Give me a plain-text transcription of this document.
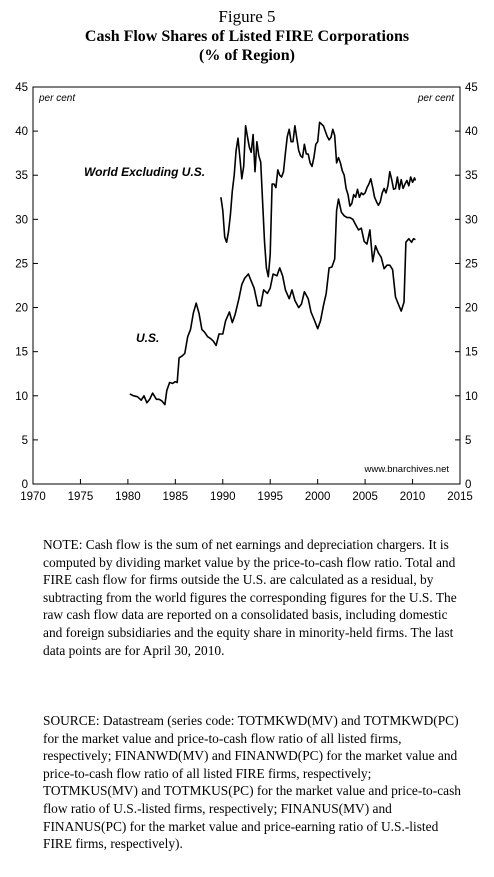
Figure 5
Cash Flow Shares of Listed FIRE Corporations
(% of Region)
1970 1975 1980 1985 1990 1995 2000 2005 2010 2015
0	0
5	5
10	10
15	15
20	20
25	25
30	30
35	35
40	40
45	45
per cent	per cent
World Excluding U.S.
U.S.
www.bnarchives.net

NOTE: Cash flow is the sum of net earnings and depreciation chargers. It is computed by dividing market value by the price-to-cash flow ratio. Total and FIRE cash flow for firms outside the U.S. are calculated as a residual, by subtracting from the world figures the corresponding figures for the U.S. The raw cash flow data are reported on a consolidated basis, including domestic and foreign subsidiaries and the equity share in minority-held firms. The last data points are for April 30, 2010.

SOURCE: Datastream (series code: TOTMKWD(MV) and TOTMKWD(PC) for the market value and price-to-cash flow ratio of all listed firms, respectively; FINANWD(MV) and FINANWD(PC) for the market value and price-to-cash flow ratio of all listed FIRE firms, respectively; TOTMKUS(MV) and TOTMKUS(PC) for the market value and price-to-cash flow ratio of U.S.-listed firms, respectively; FINANUS(MV) and FINANUS(PC) for the market value and price-earning ratio of U.S.-listed FIRE firms, respectively).
